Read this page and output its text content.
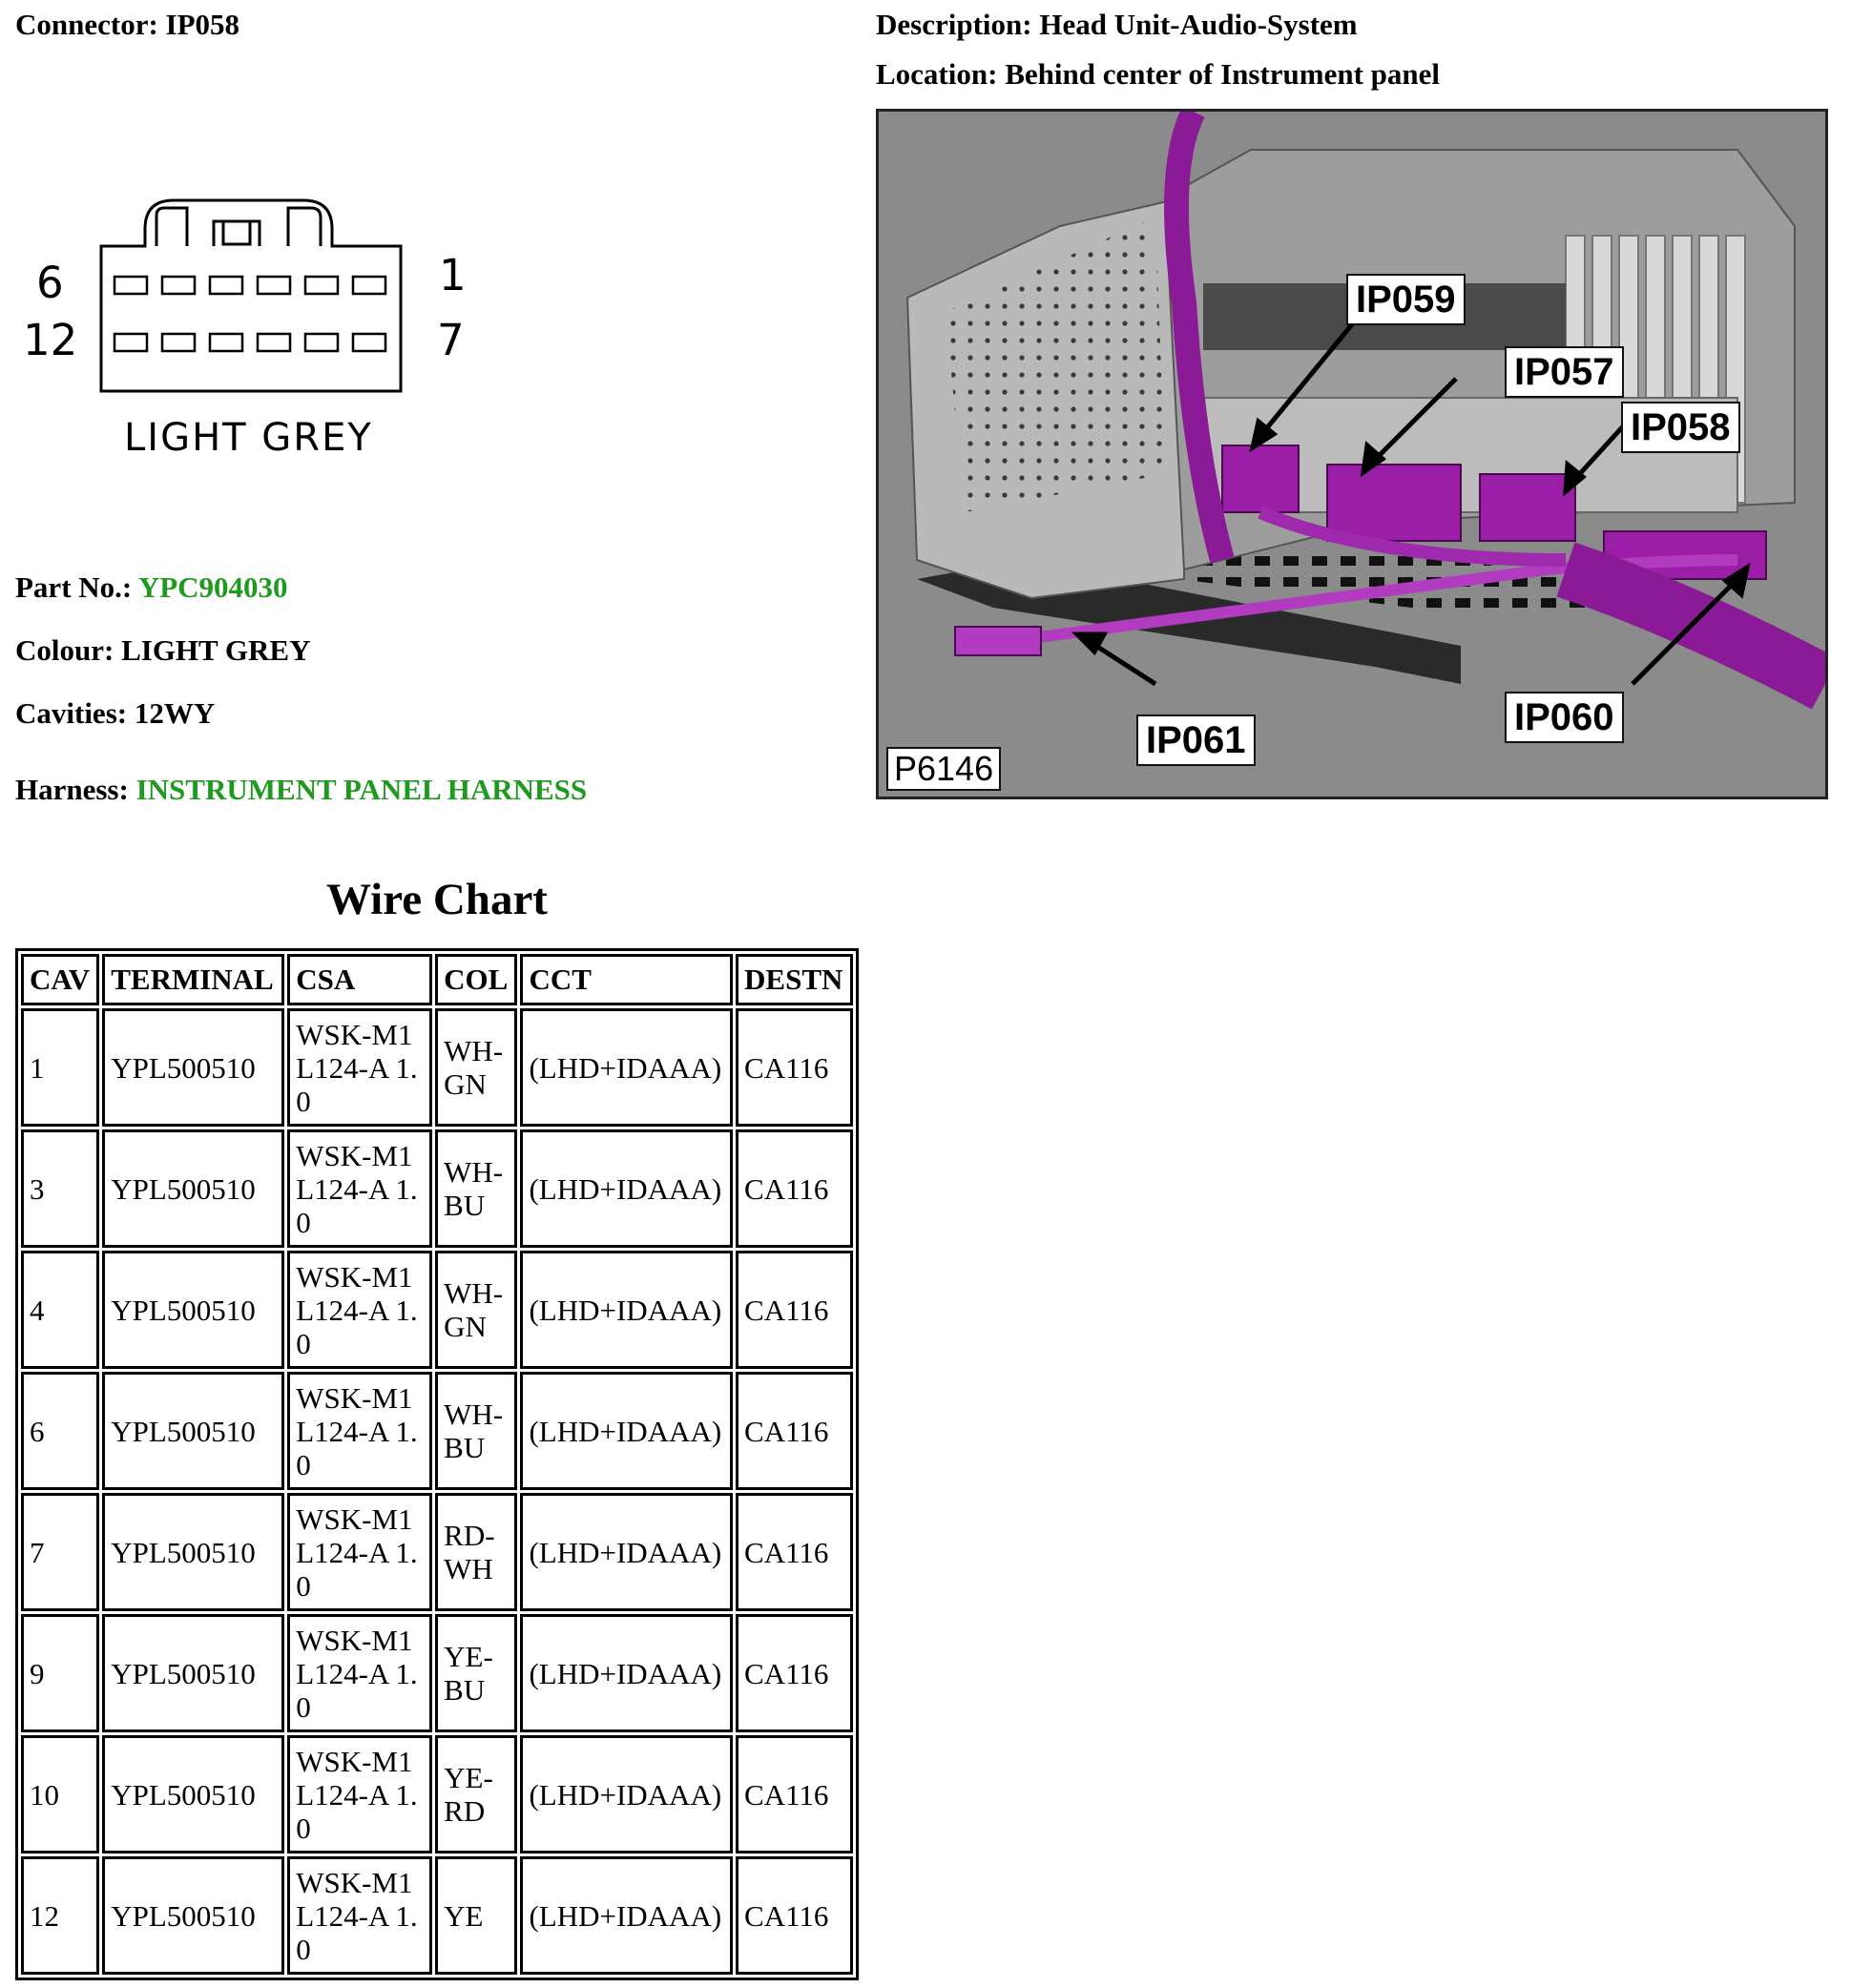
Connector: IP058	Description: Head Unit-Audio-System
Location: Behind center of Instrument panel
6
12
1
7
LIGHT GREY
Part No.: YPC904030
Colour: LIGHT GREY
Cavities: 12WY
Harness: INSTRUMENT PANEL HARNESS
IP059
IP057
IP058
IP061
IP060
P6146
Wire Chart
CAV	TERMINAL	CSA	COL	CCT	DESTN
1	YPL500510	WSK-M1L124-A 1.0	WH-GN	(LHD+IDAAA)	CA116
3	YPL500510	WSK-M1L124-A 1.0	WH-BU	(LHD+IDAAA)	CA116
4	YPL500510	WSK-M1L124-A 1.0	WH-GN	(LHD+IDAAA)	CA116
6	YPL500510	WSK-M1L124-A 1.0	WH-BU	(LHD+IDAAA)	CA116
7	YPL500510	WSK-M1L124-A 1.0	RD-WH	(LHD+IDAAA)	CA116
9	YPL500510	WSK-M1L124-A 1.0	YE-BU	(LHD+IDAAA)	CA116
10	YPL500510	WSK-M1L124-A 1.0	YE-RD	(LHD+IDAAA)	CA116
12	YPL500510	WSK-M1L124-A 1.0	YE	(LHD+IDAAA)	CA116
